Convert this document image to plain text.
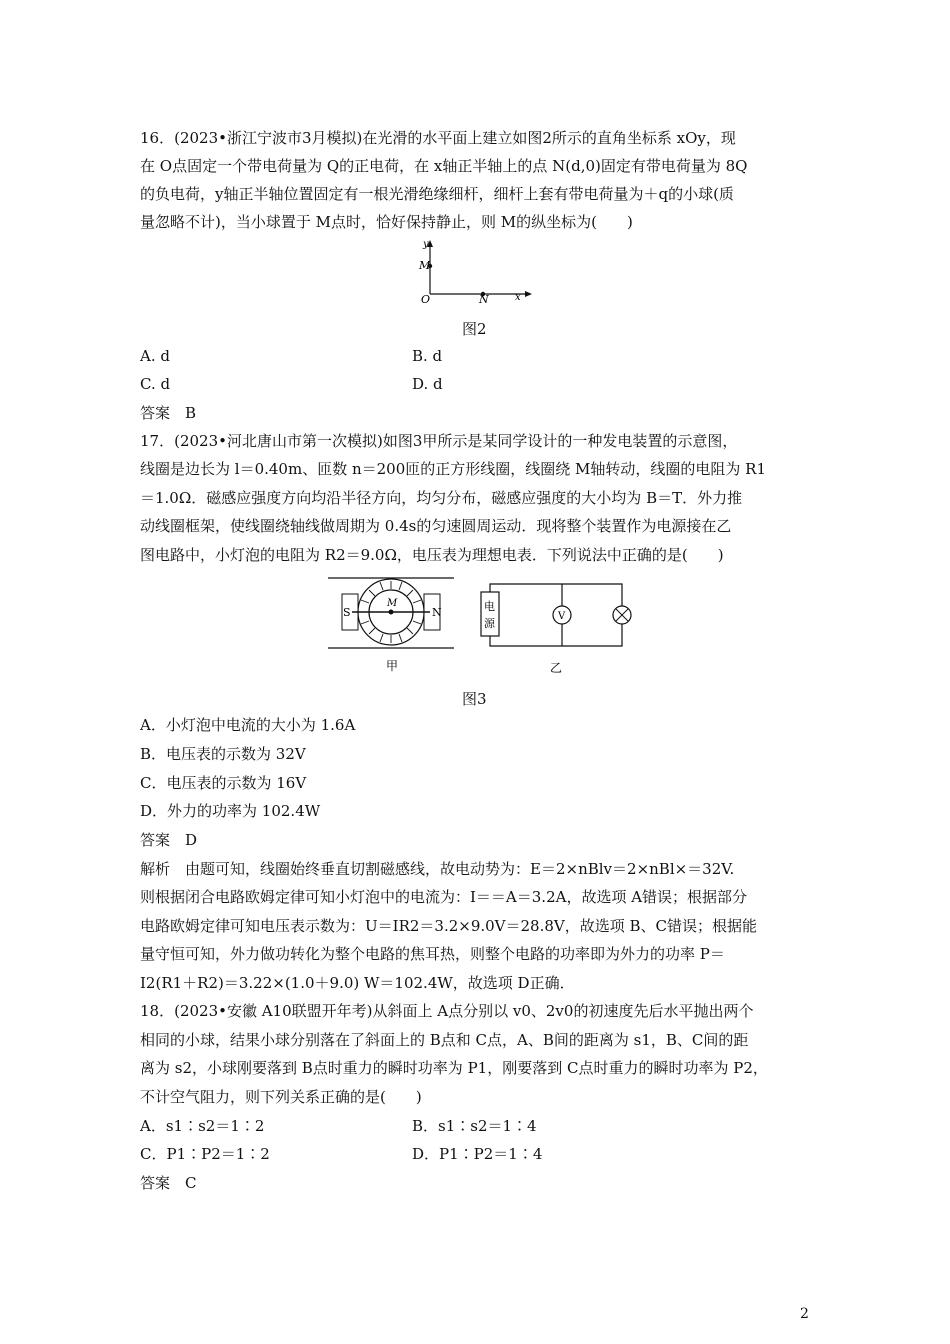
16．(2023•浙江宁波市3月模拟)在光滑的水平面上建立如图2所示的直角坐标系 xOy，现
在 O点固定一个带电荷量为 Q的正电荷，在 x轴正半轴上的点 N(d,0)固定有带电荷量为 8Q
的负电荷，y轴正半轴位置固定有一根光滑绝缘细杆，细杆上套有带电荷量为＋q的小球(质
量忽略不计)，当小球置于 M点时，恰好保持静止，则 M的纵坐标为(　　)
y
M
O	N	x
图2
A. d	B. d
C. d	D. d
答案　B
17．(2023•河北唐山市第一次模拟)如图3甲所示是某同学设计的一种发电装置的示意图，
线圈是边长为 l＝0.40m、匝数 n＝200匝的正方形线圈，线圈绕 M轴转动，线圈的电阻为 R1
＝1.0Ω．磁感应强度方向均沿半径方向，均匀分布，磁感应强度的大小均为 B＝T．外力推
动线圈框架，使线圈绕轴线做周期为 0.4s的匀速圆周运动．现将整个装置作为电源接在乙
图电路中，小灯泡的电阻为 R2＝9.0Ω，电压表为理想电表．下列说法中正确的是(　　)
S	N
M
甲
V
电
源
乙
图3
A．小灯泡中电流的大小为 1.6A
B．电压表的示数为 32V
C．电压表的示数为 16V
D．外力的功率为 102.4W
答案　D
解析　由题可知，线圈始终垂直切割磁感线，故电动势为：E＝2×nBlv＝2×nBl×＝32V.
则根据闭合电路欧姆定律可知小灯泡中的电流为：I＝＝A＝3.2A，故选项 A错误；根据部分
电路欧姆定律可知电压表示数为：U＝IR2＝3.2×9.0V＝28.8V，故选项 B、C错误；根据能
量守恒可知，外力做功转化为整个电路的焦耳热，则整个电路的功率即为外力的功率 P＝
I2(R1＋R2)＝3.22×(1.0＋9.0) W＝102.4W，故选项 D正确．
18．(2023•安徽 A10联盟开年考)从斜面上 A点分别以 v0、2v0的初速度先后水平抛出两个
相同的小球，结果小球分别落在了斜面上的 B点和 C点，A、B间的距离为 s1，B、C间的距
离为 s2，小球刚要落到 B点时重力的瞬时功率为 P1，刚要落到 C点时重力的瞬时功率为 P2，
不计空气阻力，则下列关系正确的是(　　)
A．s1∶s2＝1∶2	B．s1∶s2＝1∶4
C．P1∶P2＝1∶2	D．P1∶P2＝1∶4
答案　C
2
